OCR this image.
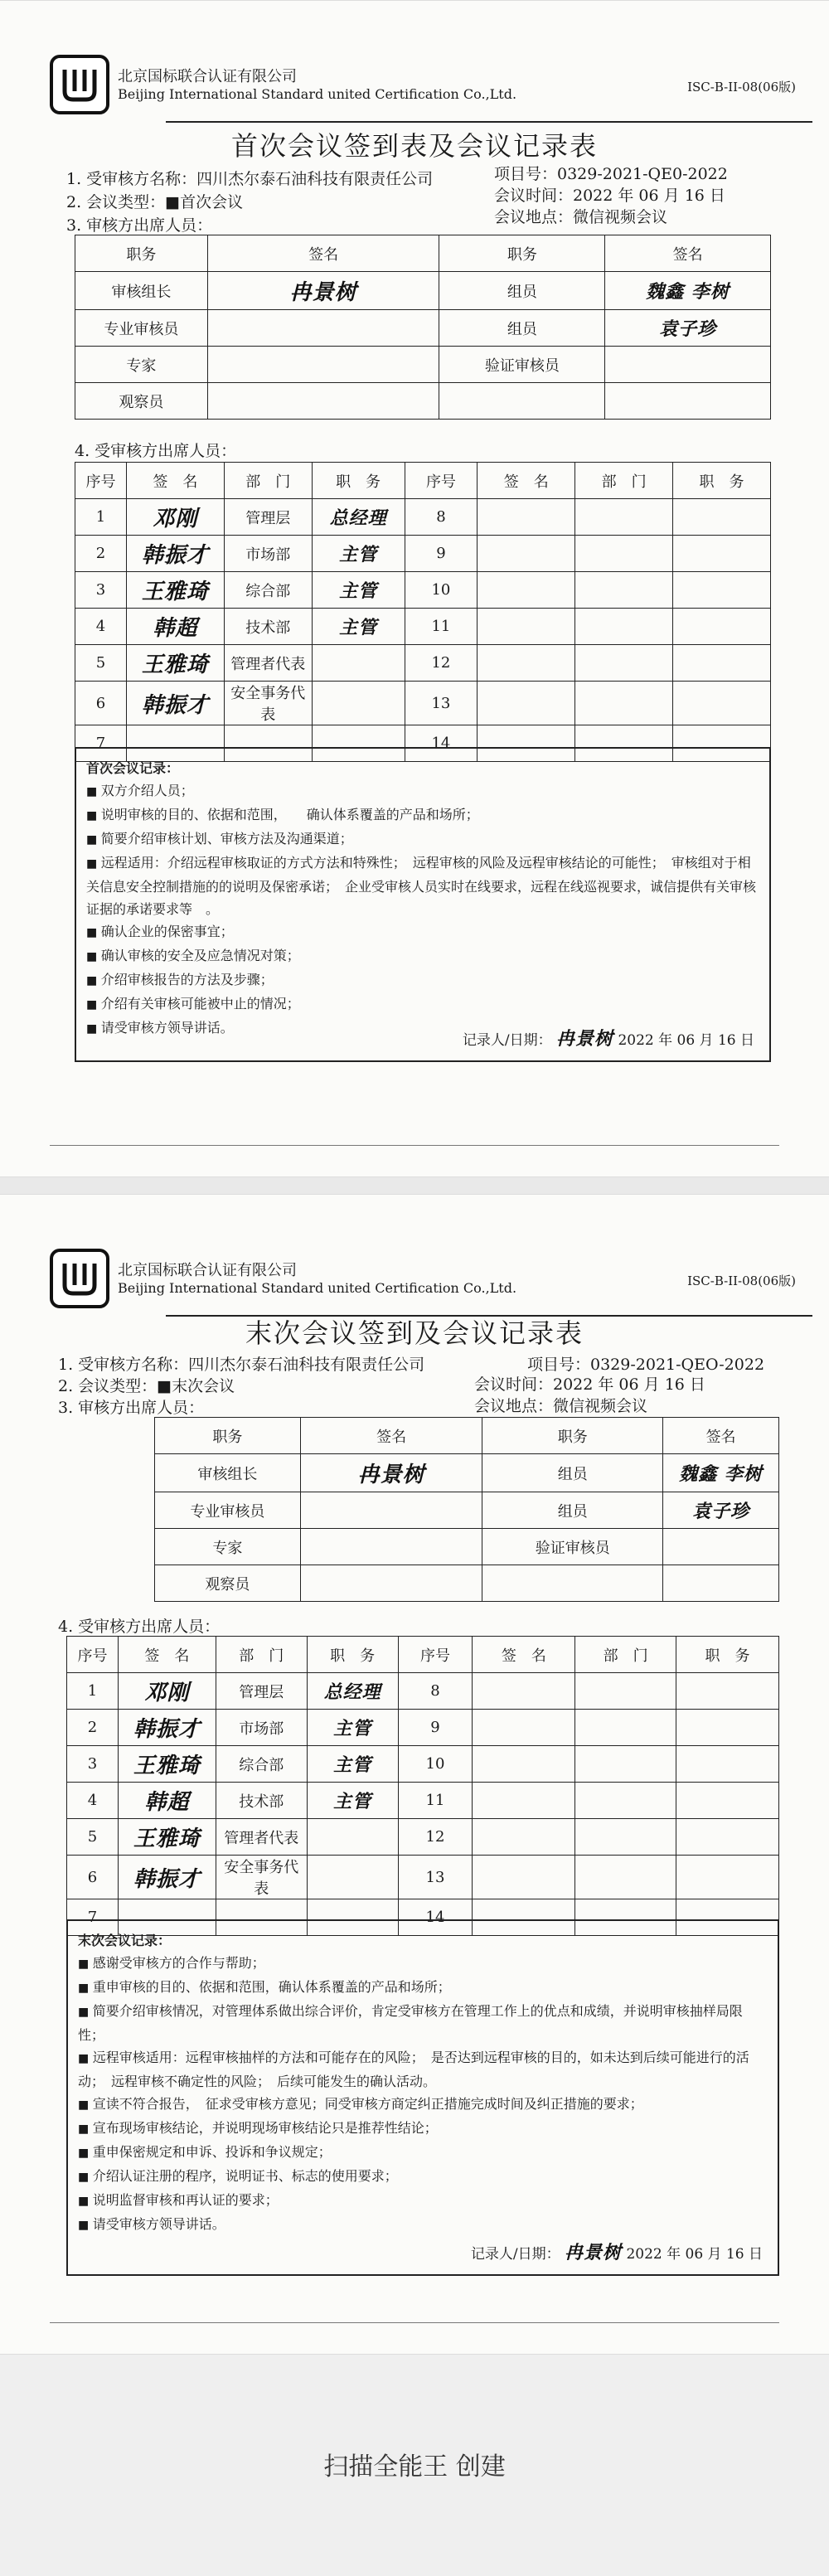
北京国标联合认证有限公司
Beijing International Standard united Certification Co.,Ltd.	ISC-B-II-08(06版)
首次会议签到表及会议记录表
1. 受审核方名称：四川杰尔泰石油科技有限责任公司	项目号：0329-2021-QE0-2022
2. 会议类型：■首次会议	会议时间：2022 年 06 月 16 日
3. 审核方出席人员：	会议地点：微信视频会议
职务	签名	职务	签名
审核组长	冉景树	组员	魏鑫 李树
专业审核员		组员	袁子珍
专家		验证审核员	
观察员			
4. 受审核方出席人员：
序号	签　名	部　门	职　务	序号	签　名	部　门	职　务
1	邓刚	管理层	总经理	8			
2	韩振才	市场部	主管	9			
3	王雅琦	综合部	主管	10			
4	韩超	技术部	主管	11			
5	王雅琦	管理者代表		12			
6	韩振才	安全事务代表		13			
7				14			
首次会议记录：
■ 双方介绍人员；
■ 说明审核的目的、依据和范围，　　确认体系覆盖的产品和场所；
■ 简要介绍审核计划、审核方法及沟通渠道；
■ 远程适用：介绍远程审核取证的方式方法和特殊性；　远程审核的风险及远程审核结论的可能性；　审核组对于相关信息安全控制措施的的说明及保密承诺；　企业受审核人员实时在线要求，远程在线巡视要求，诚信提供有关审核证据的承诺要求等　。
■ 确认企业的保密事宜；
■ 确认审核的安全及应急情况对策；
■ 介绍审核报告的方法及步骤；
■ 介绍有关审核可能被中止的情况；
■ 请受审核方领导讲话。
记录人/日期： 冉景树 2022 年 06 月 16 日
北京国标联合认证有限公司
Beijing International Standard united Certification Co.,Ltd.	ISC-B-II-08(06版)
末次会议签到及会议记录表
1. 受审核方名称：四川杰尔泰石油科技有限责任公司	项目号：0329-2021-QEO-2022
2. 会议类型：■末次会议	会议时间：2022 年 06 月 16 日
3. 审核方出席人员：	会议地点：微信视频会议
职务	签名	职务	签名
审核组长	冉景树	组员	魏鑫 李树
专业审核员		组员	袁子珍
专家		验证审核员	
观察员			
4. 受审核方出席人员：
序号	签　名	部　门	职　务	序号	签　名	部　门	职　务
1	邓刚	管理层	总经理	8			
2	韩振才	市场部	主管	9			
3	王雅琦	综合部	主管	10			
4	韩超	技术部	主管	11			
5	王雅琦	管理者代表		12			
6	韩振才	安全事务代表		13			
7				14			
末次会议记录：
■ 感谢受审核方的合作与帮助；
■ 重申审核的目的、依据和范围，确认体系覆盖的产品和场所；
■ 简要介绍审核情况，对管理体系做出综合评价，肯定受审核方在管理工作上的优点和成绩，并说明审核抽样局限性；
■ 远程审核适用：远程审核抽样的方法和可能存在的风险；　是否达到远程审核的目的，如未达到后续可能进行的活动；　远程审核不确定性的风险；　后续可能发生的确认活动。
■ 宣读不符合报告，　征求受审核方意见；同受审核方商定纠正措施完成时间及纠正措施的要求；
■ 宣布现场审核结论，并说明现场审核结论只是推荐性结论；
■ 重申保密规定和申诉、投诉和争议规定；
■ 介绍认证注册的程序，说明证书、标志的使用要求；
■ 说明监督审核和再认证的要求；
■ 请受审核方领导讲话。
记录人/日期： 冉景树 2022 年 06 月 16 日
扫描全能王 创建
